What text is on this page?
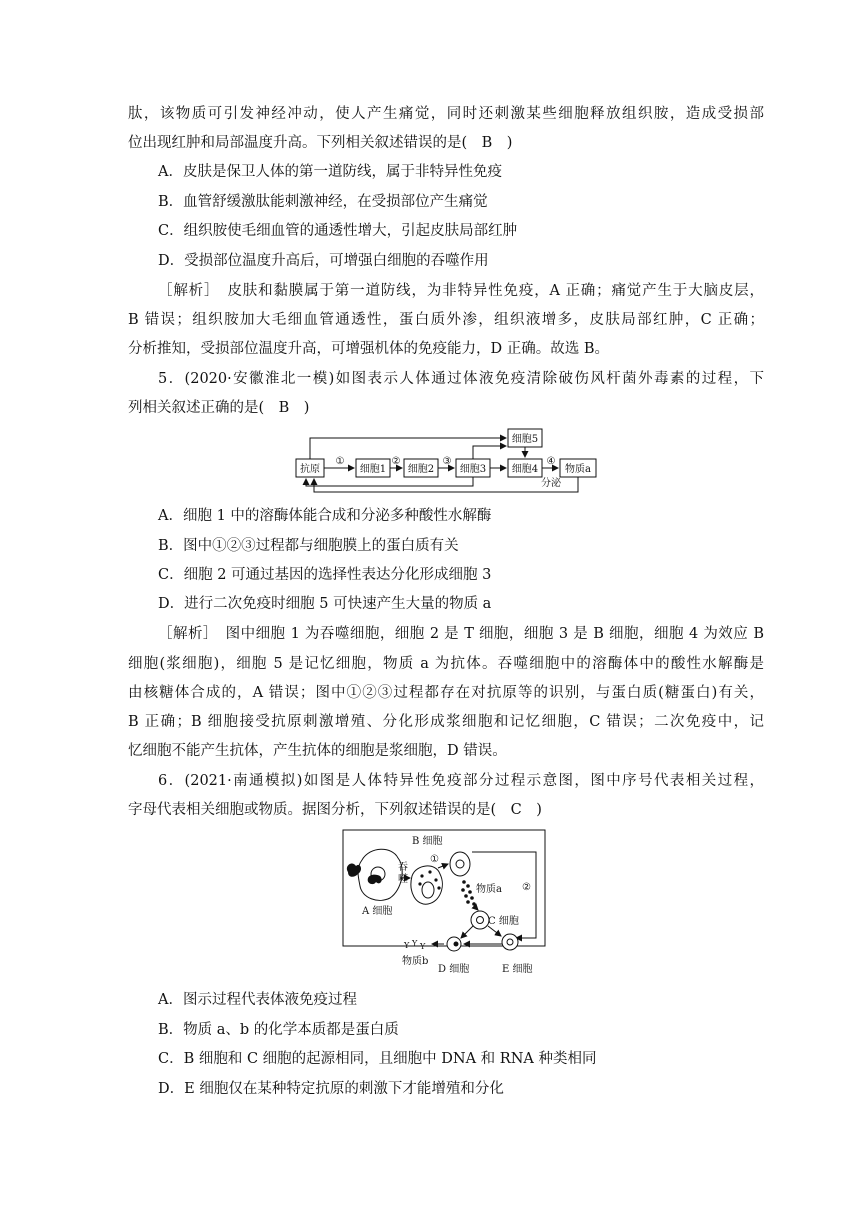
肽，该物质可引发神经冲动，使人产生痛觉，同时还刺激某些细胞释放组织胺，造成受损部
位出现红肿和局部温度升高。下列相关叙述错误的是(　B　)
A．皮肤是保卫人体的第一道防线，属于非特异性免疫
B．血管舒缓激肽能刺激神经，在受损部位产生痛觉
C．组织胺使毛细血管的通透性增大，引起皮肤局部红肿
D．受损部位温度升高后，可增强白细胞的吞噬作用
［解析］　皮肤和黏膜属于第一道防线，为非特异性免疫，A 正确；痛觉产生于大脑皮层，
B 错误；组织胺加大毛细血管通透性，蛋白质外渗，组织液增多，皮肤局部红肿，C 正确；
分析推知，受损部位温度升高，可增强机体的免疫能力，D 正确。故选 B。
5．(2020·安徽淮北一模)如图表示人体通过体液免疫清除破伤风杆菌外毒素的过程，下
列相关叙述正确的是(　B　)
抗原	细胞1 细胞2	细胞3	细胞4
细胞5
物质a
①	②	③	④
分泌
A．细胞 1 中的溶酶体能合成和分泌多种酸性水解酶
B．图中①②③过程都与细胞膜上的蛋白质有关
C．细胞 2 可通过基因的选择性表达分化形成细胞 3
D．进行二次免疫时细胞 5 可快速产生大量的物质 a
［解析］　图中细胞 1 为吞噬细胞，细胞 2 是 T 细胞，细胞 3 是 B 细胞，细胞 4 为效应 B
细胞(浆细胞)，细胞 5 是记忆细胞，物质 a 为抗体。吞噬细胞中的溶酶体中的酸性水解酶是
由核糖体合成的，A 错误；图中①②③过程都存在对抗原等的识别，与蛋白质(糖蛋白)有关，
B 正确；B 细胞接受抗原刺激增殖、分化形成浆细胞和记忆细胞，C 错误；二次免疫中，记
忆细胞不能产生抗体，产生抗体的细胞是浆细胞，D 错误。
6．(2021·南通模拟)如图是人体特异性免疫部分过程示意图，图中序号代表相关过程，
字母代表相关细胞或物质。据图分析，下列叙述错误的是(　C　)
Y Y Y
B 细胞
A 细胞
C 细胞
D 细胞	E 细胞
物质a
物质b
吞
噬
①
②
A．图示过程代表体液免疫过程
B．物质 a、b 的化学本质都是蛋白质
C．B 细胞和 C 细胞的起源相同，且细胞中 DNA 和 RNA 种类相同
D．E 细胞仅在某种特定抗原的刺激下才能增殖和分化
